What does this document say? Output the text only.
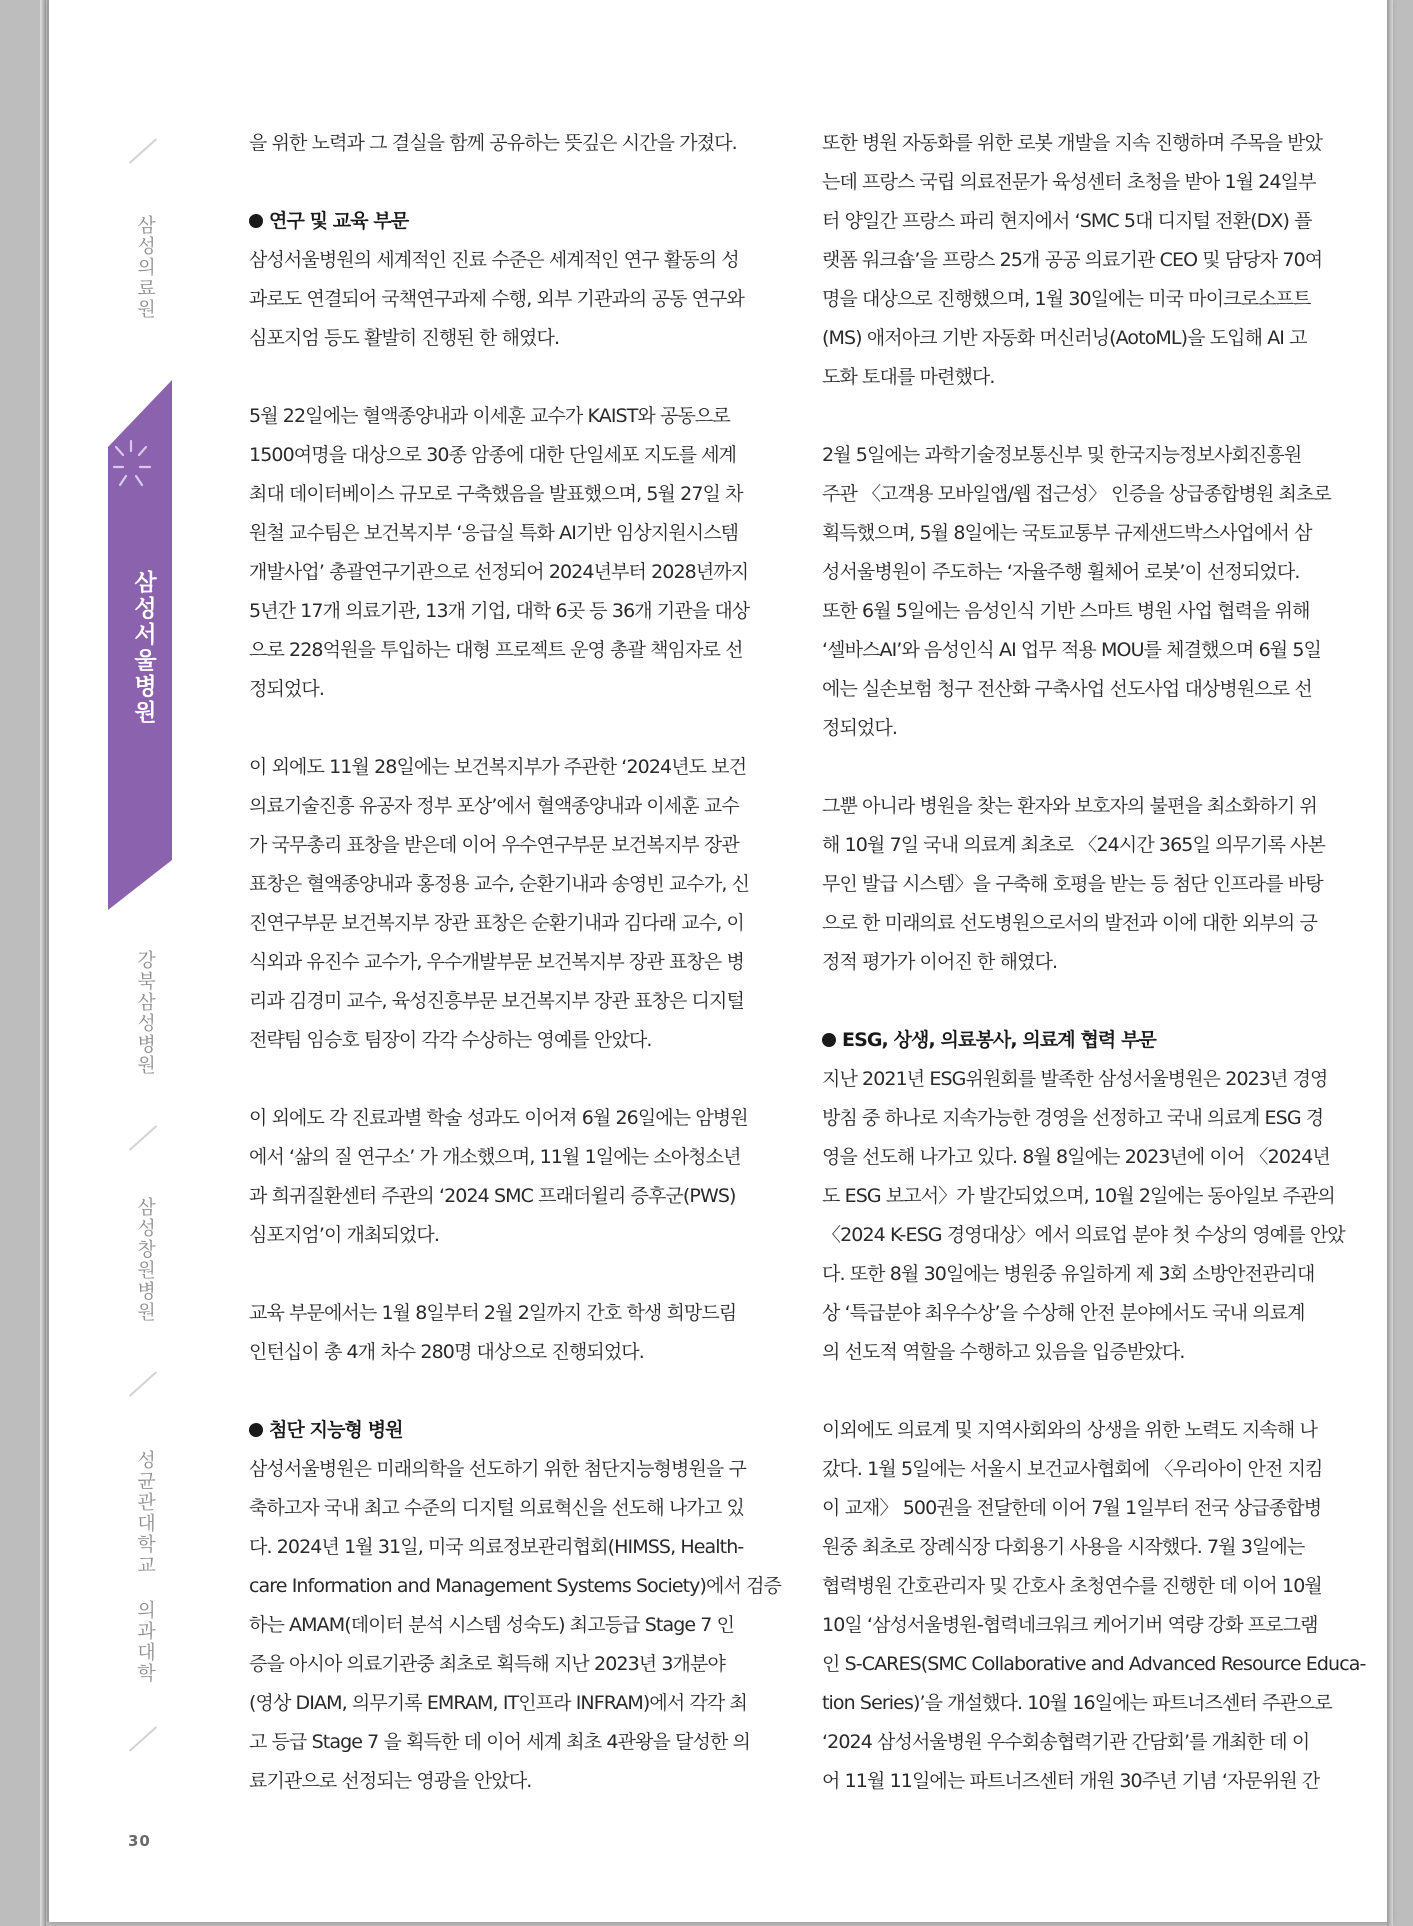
삼성의료원
삼성서울병원
강북삼성병원
삼성창원병원
성균관대학교 의과대학
30

을 위한 노력과 그 결실을 함께 공유하는 뜻깊은 시간을 가졌다.

연구 및 교육 부문

삼성서울병원의 세계적인 진료 수준은 세계적인 연구 활동의 성
과로도 연결되어 국책연구과제 수행, 외부 기관과의 공동 연구와
심포지엄 등도 활발히 진행된 한 해였다.

5월 22일에는 혈액종양내과 이세훈 교수가 KAIST와 공동으로
1500여명을 대상으로 30종 암종에 대한 단일세포 지도를 세계
최대 데이터베이스 규모로 구축했음을 발표했으며, 5월 27일 차
원철 교수팀은 보건복지부 ‘응급실 특화 AI기반 임상지원시스템
개발사업’ 총괄연구기관으로 선정되어 2024년부터 2028년까지
5년간 17개 의료기관, 13개 기업, 대학 6곳 등 36개 기관을 대상
으로 228억원을 투입하는 대형 프로젝트 운영 총괄 책임자로 선
정되었다.

이 외에도 11월 28일에는 보건복지부가 주관한 ‘2024년도 보건
의료기술진흥 유공자 정부 포상’에서 혈액종양내과 이세훈 교수
가 국무총리 표창을 받은데 이어 우수연구부문 보건복지부 장관
표창은 혈액종양내과 홍정용 교수, 순환기내과 송영빈 교수가, 신
진연구부문 보건복지부 장관 표창은 순환기내과 김다래 교수, 이
식외과 유진수 교수가, 우수개발부문 보건복지부 장관 표창은 병
리과 김경미 교수, 육성진흥부문 보건복지부 장관 표창은 디지털
전략팀 임승호 팀장이 각각 수상하는 영예를 안았다.

이 외에도 각 진료과별 학술 성과도 이어져 6월 26일에는 암병원
에서 ‘삶의 질 연구소’ 가 개소했으며, 11월 1일에는 소아청소년
과 희귀질환센터 주관의 ‘2024 SMC 프래더윌리 증후군(PWS)
심포지엄’이 개최되었다.

교육 부문에서는 1월 8일부터 2월 2일까지 간호 학생 희망드림
인턴십이 총 4개 차수 280명 대상으로 진행되었다.

첨단 지능형 병원

삼성서울병원은 미래의학을 선도하기 위한 첨단지능형병원을 구
축하고자 국내 최고 수준의 디지털 의료혁신을 선도해 나가고 있
다. 2024년 1월 31일, 미국 의료정보관리협회(HIMSS, Health-
care Information and Management Systems Society)에서 검증
하는 AMAM(데이터 분석 시스템 성숙도) 최고등급 Stage 7 인
증을 아시아 의료기관중 최초로 획득해 지난 2023년 3개분야
(영상 DIAM, 의무기록 EMRAM, IT인프라 INFRAM)에서 각각 최
고 등급 Stage 7 을 획득한 데 이어 세계 최초 4관왕을 달성한 의
료기관으로 선정되는 영광을 안았다.

또한 병원 자동화를 위한 로봇 개발을 지속 진행하며 주목을 받았
는데 프랑스 국립 의료전문가 육성센터 초청을 받아 1월 24일부
터 양일간 프랑스 파리 현지에서 ‘SMC 5대 디지털 전환(DX) 플
랫폼 워크숍’을 프랑스 25개 공공 의료기관 CEO 및 담당자 70여
명을 대상으로 진행했으며, 1월 30일에는 미국 마이크로소프트
(MS) 애저아크 기반 자동화 머신러닝(AotoML)을 도입해 AI 고
도화 토대를 마련했다.

2월 5일에는 과학기술정보통신부 및 한국지능정보사회진흥원
주관 〈고객용 모바일앱/웹 접근성〉 인증을 상급종합병원 최초로
획득했으며, 5월 8일에는 국토교통부 규제샌드박스사업에서 삼
성서울병원이 주도하는 ‘자율주행 휠체어 로봇’이 선정되었다.
또한 6월 5일에는 음성인식 기반 스마트 병원 사업 협력을 위해
‘셀바스AI’와 음성인식 AI 업무 적용 MOU를 체결했으며 6월 5일
에는 실손보험 청구 전산화 구축사업 선도사업 대상병원으로 선
정되었다.

그뿐 아니라 병원을 찾는 환자와 보호자의 불편을 최소화하기 위
해 10월 7일 국내 의료계 최초로 〈24시간 365일 의무기록 사본
무인 발급 시스템〉을 구축해 호평을 받는 등 첨단 인프라를 바탕
으로 한 미래의료 선도병원으로서의 발전과 이에 대한 외부의 긍
정적 평가가 이어진 한 해였다.

ESG, 상생, 의료봉사, 의료계 협력 부문

지난 2021년 ESG위원회를 발족한 삼성서울병원은 2023년 경영
방침 중 하나로 지속가능한 경영을 선정하고 국내 의료계 ESG 경
영을 선도해 나가고 있다. 8월 8일에는 2023년에 이어 〈2024년
도 ESG 보고서〉가 발간되었으며, 10월 2일에는 동아일보 주관의
〈2024 K-ESG 경영대상〉에서 의료업 분야 첫 수상의 영예를 안았
다. 또한 8월 30일에는 병원중 유일하게 제 3회 소방안전관리대
상 ‘특급분야 최우수상’을 수상해 안전 분야에서도 국내 의료계
의 선도적 역할을 수행하고 있음을 입증받았다.

이외에도 의료계 및 지역사회와의 상생을 위한 노력도 지속해 나
갔다. 1월 5일에는 서울시 보건교사협회에 〈우리아이 안전 지킴
이 교재〉 500권을 전달한데 이어 7월 1일부터 전국 상급종합병
원중 최초로 장례식장 다회용기 사용을 시작했다. 7월 3일에는
협력병원 간호관리자 및 간호사 초청연수를 진행한 데 이어 10월
10일 ‘삼성서울병원-협력네크워크 케어기버 역량 강화 프로그램
인 S-CARES(SMC Collaborative and Advanced Resource Educa-
tion Series)’을 개설했다. 10월 16일에는 파트너즈센터 주관으로
‘2024 삼성서울병원 우수회송협력기관 간담회’를 개최한 데 이
어 11월 11일에는 파트너즈센터 개원 30주년 기념 ‘자문위원 간
